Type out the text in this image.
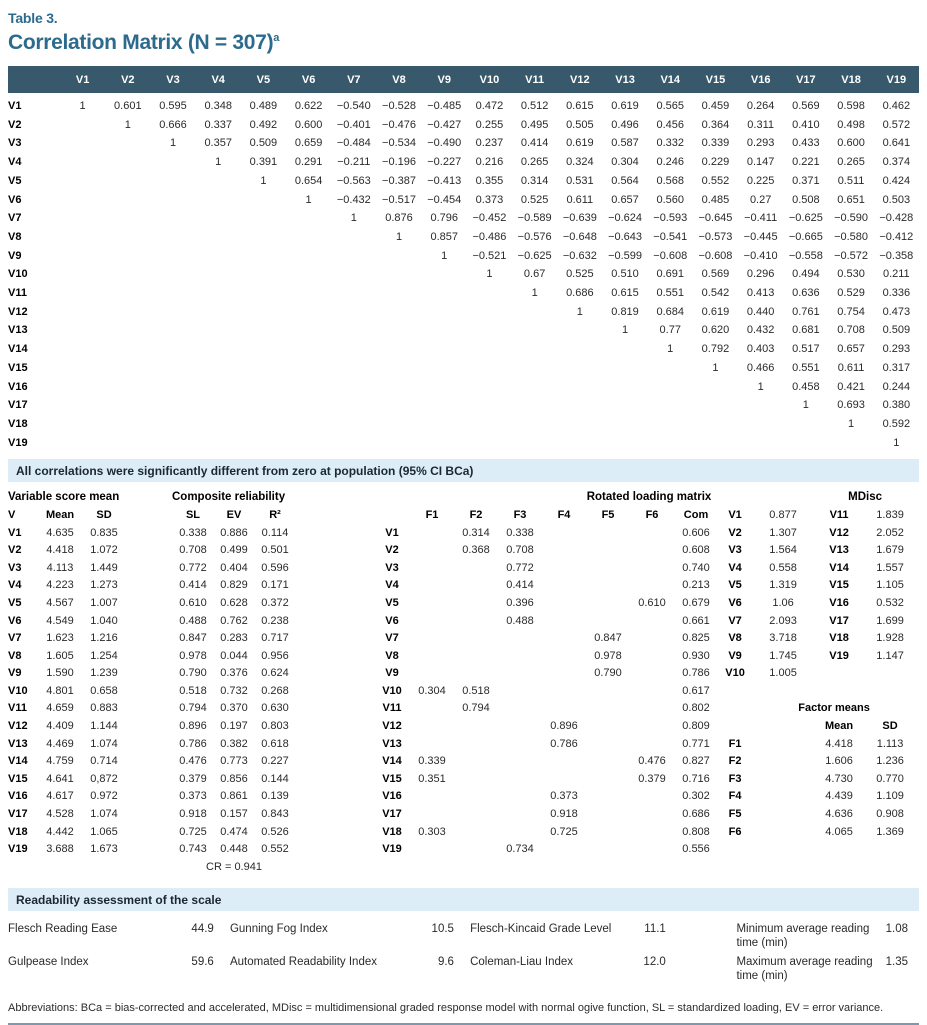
Table 3.
Correlation Matrix (N = 307)$^a$
	V1	V2	V3	V4	V5	V6	V7	V8	V9	V10	V11	V12	V13	V14	V15	V16	V17	V18	V19
V1	1	0.601	0.595	0.348	0.489	0.622	−0.540	−0.528	−0.485	0.472	0.512	0.615	0.619	0.565	0.459	0.264	0.569	0.598	0.462
V2		1	0.666	0.337	0.492	0.600	−0.401	−0.476	−0.427	0.255	0.495	0.505	0.496	0.456	0.364	0.311	0.410	0.498	0.572
V3			1	0.357	0.509	0.659	−0.484	−0.534	−0.490	0.237	0.414	0.619	0.587	0.332	0.339	0.293	0.433	0.600	0.641
V4				1	0.391	0.291	−0.211	−0.196	−0.227	0.216	0.265	0.324	0.304	0.246	0.229	0.147	0.221	0.265	0.374
V5					1	0.654	−0.563	−0.387	−0.413	0.355	0.314	0.531	0.564	0.568	0.552	0.225	0.371	0.511	0.424
V6						1	−0.432	−0.517	−0.454	0.373	0.525	0.611	0.657	0.560	0.485	0.27	0.508	0.651	0.503
V7							1	0.876	0.796	−0.452	−0.589	−0.639	−0.624	−0.593	−0.645	−0.411	−0.625	−0.590	−0.428
V8								1	0.857	−0.486	−0.576	−0.648	−0.643	−0.541	−0.573	−0.445	−0.665	−0.580	−0.412
V9									1	−0.521	−0.625	−0.632	−0.599	−0.608	−0.608	−0.410	−0.558	−0.572	−0.358
V10										1	0.67	0.525	0.510	0.691	0.569	0.296	0.494	0.530	0.211
V11											1	0.686	0.615	0.551	0.542	0.413	0.636	0.529	0.336
V12												1	0.819	0.684	0.619	0.440	0.761	0.754	0.473
V13													1	0.77	0.620	0.432	0.681	0.708	0.509
V14														1	0.792	0.403	0.517	0.657	0.293
V15															1	0.466	0.551	0.611	0.317
V16																1	0.458	0.421	0.244
V17																	1	0.693	0.380
V18																		1	0.592
V19																			1
All correlations were significantly different from zero at population (95% CI BCa)
Variable score mean				Composite reliability					Rotated loading matrix									MDisc	
V	Mean	SD		SL	EV	R²			F1	F2	F3	F4	F5	F6	Com	V1	0.877	V11	1.839
V1	4.635	0.835		0.338	0.886	0.114		V1		0.314	0.338				0.606	V2	1.307	V12	2.052
V2	4.418	1.072		0.708	0.499	0.501		V2		0.368	0.708				0.608	V3	1.564	V13	1.679
V3	4.113	1.449		0.772	0.404	0.596		V3			0.772				0.740	V4	0.558	V14	1.557
V4	4.223	1.273		0.414	0.829	0.171		V4			0.414				0.213	V5	1.319	V15	1.105
V5	4.567	1.007		0.610	0.628	0.372		V5			0.396			0.610	0.679	V6	1.06	V16	0.532
V6	4.549	1.040		0.488	0.762	0.238		V6			0.488				0.661	V7	2.093	V17	1.699
V7	1.623	1.216		0.847	0.283	0.717		V7					0.847		0.825	V8	3.718	V18	1.928
V8	1.605	1.254		0.978	0.044	0.956		V8					0.978		0.930	V9	1.745	V19	1.147
V9	1.590	1.239		0.790	0.376	0.624		V9					0.790		0.786	V10	1.005		
V10	4.801	0.658		0.518	0.732	0.268		V10	0.304	0.518					0.617				
V11	4.659	0.883		0.794	0.370	0.630		V11		0.794					0.802		Factor means		
V12	4.409	1.144		0.896	0.197	0.803		V12				0.896			0.809			Mean	SD
V13	4.469	1.074		0.786	0.382	0.618		V13				0.786			0.771	F1		4.418	1.113
V14	4.759	0.714		0.476	0.773	0.227		V14	0.339					0.476	0.827	F2		1.606	1.236
V15	4.641	0,872		0.379	0.856	0.144		V15	0.351					0.379	0.716	F3		4.730	0.770
V16	4.617	0.972		0.373	0.861	0.139		V16				0.373			0.302	F4		4.439	1.109
V17	4.528	1.074		0.918	0.157	0.843		V17				0.918			0.686	F5		4.636	0.908
V18	4.442	1.065		0.725	0.474	0.526		V18	0.303			0.725			0.808	F6		4.065	1.369
V19	3.688	1.673		0.743	0.448	0.552		V19			0.734				0.556				
				CR = 0.941															
Readability assessment of the scale
Flesch Reading Ease	44.9		Gunning Fog Index	10.5		Flesch-Kincaid Grade Level	11.1		Minimum average reading time (min)	1.08
Gulpease Index	59.6		Automated Readability Index	9.6		Coleman-Liau Index	12.0		Maximum average reading time (min)	1.35

Abbreviations: BCa = bias-corrected and accelerated, MDisc = multidimensional graded response model with normal ogive function, SL = standardized loading, EV = error variance.
